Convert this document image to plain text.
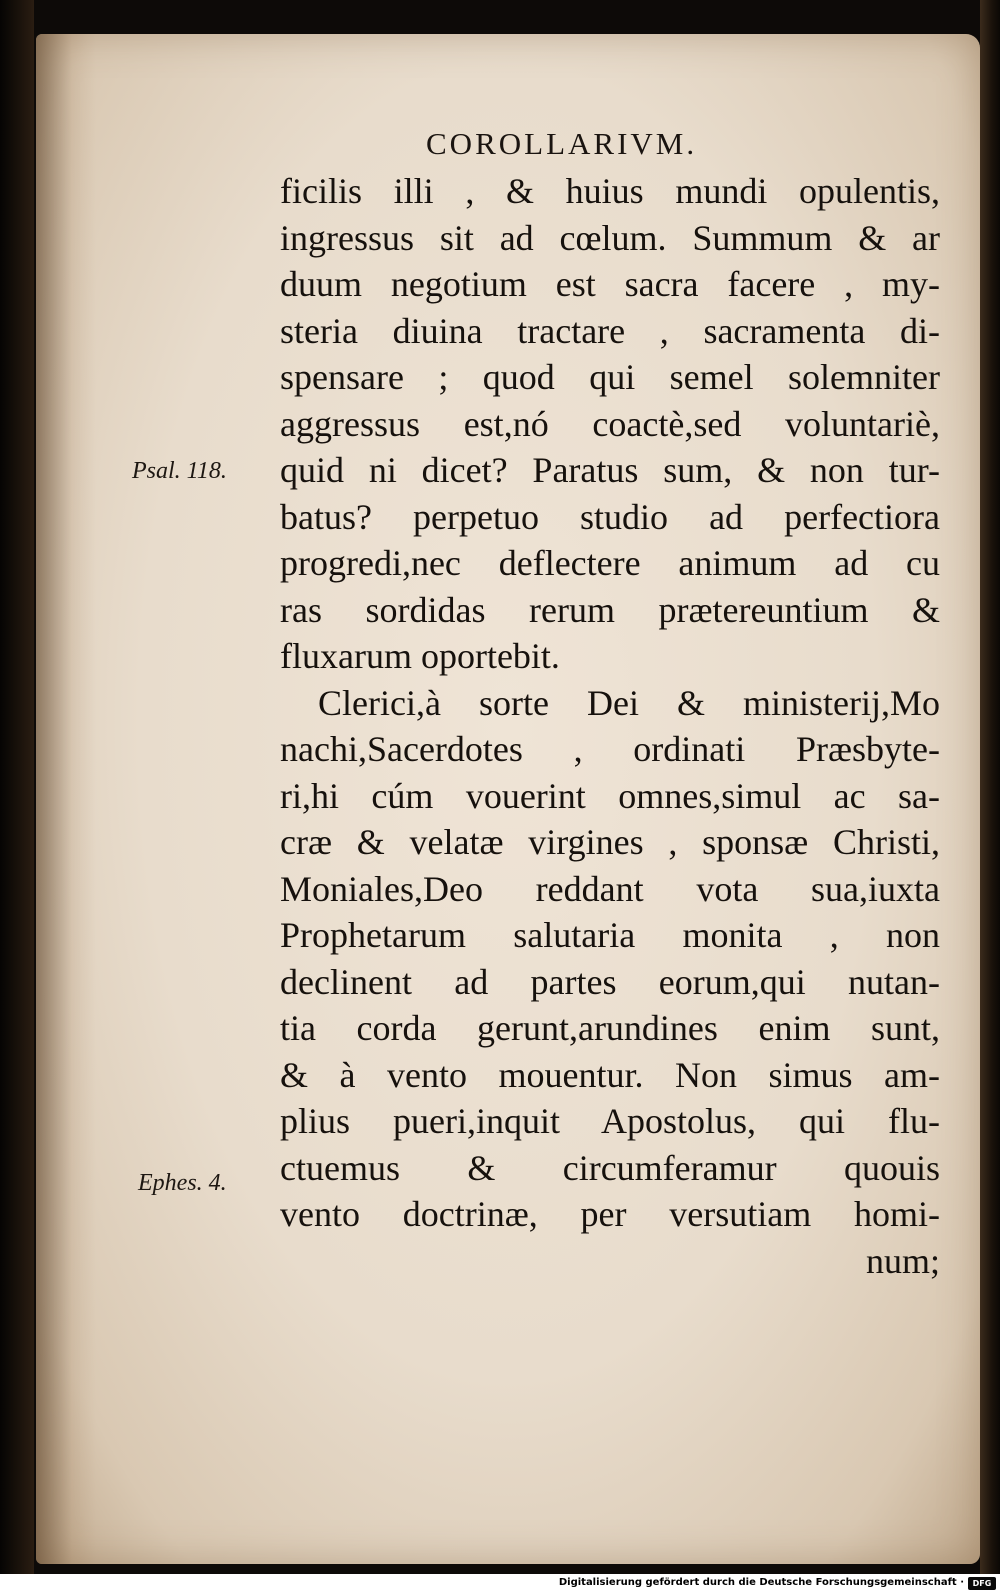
COROLLARIVM.
ficilis illi , & huius mundi opulentis,
ingressus sit ad cœlum. Summum & ar
duum negotium est sacra facere , my-
steria diuina tractare , sacramenta di-
spensare ; quod qui semel solemniter
aggressus est,nó coactè,sed voluntariè,
quid ni dicet? Paratus sum, & non tur-
batus? perpetuo studio ad perfectiora
progredi,nec deflectere animum ad cu
ras sordidas rerum prætereuntium &
fluxarum oportebit.
Clerici,à sorte Dei & ministerij,Mo
nachi,Sacerdotes , ordinati Præsbyte-
ri,hi cúm vouerint omnes,simul ac sa-
cræ & velatæ virgines , sponsæ Christi,
Moniales,Deo reddant vota sua,iuxta
Prophetarum salutaria monita , non
declinent ad partes eorum,qui nutan-
tia corda gerunt,arundines enim sunt,
& à vento mouentur. Non simus am-
plius pueri,inquit Apostolus, qui flu-
ctuemus & circumferamur quouis
vento doctrinæ, per versutiam homi-
num;
Psal. 118.
Ephes. 4.
Digitalisierung gefördert durch die Deutsche Forschungsgemeinschaft ·	DFG
